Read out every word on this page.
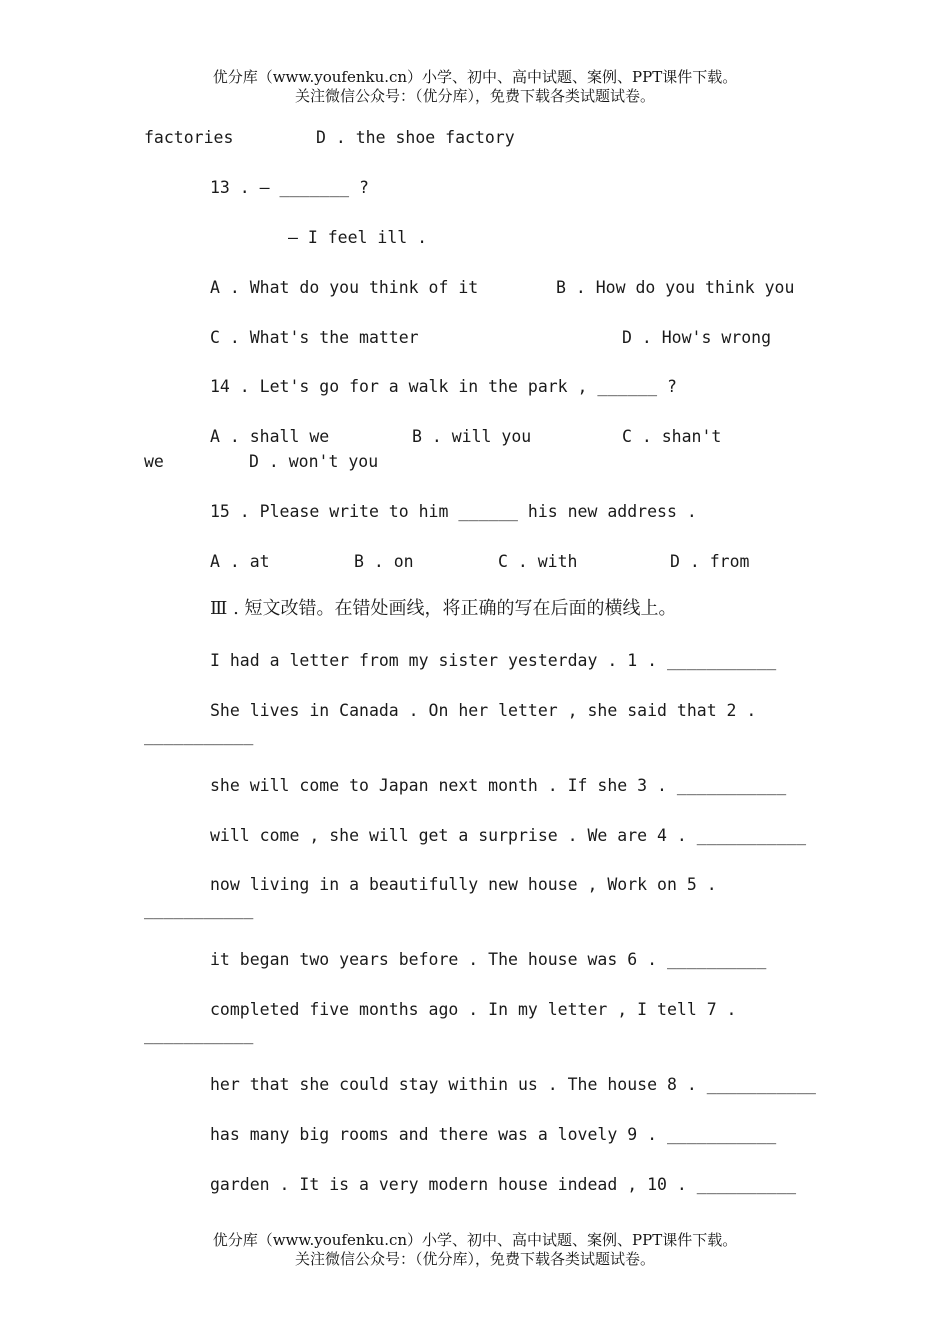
优分库（www.youfenku.cn）小学、初中、高中试题、案例、PPT课件下载。
关注微信公众号：（优分库），免费下载各类试题试卷。
factories	D . the shoe factory
13 . — _______ ?
— I feel ill .
A . What do you think of it	B . How do you think you
C . What's the matter	D . How's wrong
14 . Let's go for a walk in the park , ______ ?
A . shall we	B . will you	C . shan't
we	D . won't you
15 . Please write to him ______ his new address .
A . at	B . on	C . with	D . from
Ⅲ . 短文改错。在错处画线，将正确的写在后面的横线上。
I had a letter from my sister yesterday . 1 . ___________
She lives in Canada . On her letter , she said that 2 .
___________
she will come to Japan next month . If she 3 . ___________
will come , she will get a surprise . We are 4 . ___________
now living in a beautifully new house , Work on 5 .
___________
it began two years before . The house was 6 . __________
completed five months ago . In my letter , I tell 7 .
___________
her that she could stay within us . The house 8 . ___________
has many big rooms and there was a lovely 9 . ___________
garden . It is a very modern house indead , 10 . __________
优分库（www.youfenku.cn）小学、初中、高中试题、案例、PPT课件下载。
关注微信公众号：（优分库），免费下载各类试题试卷。
